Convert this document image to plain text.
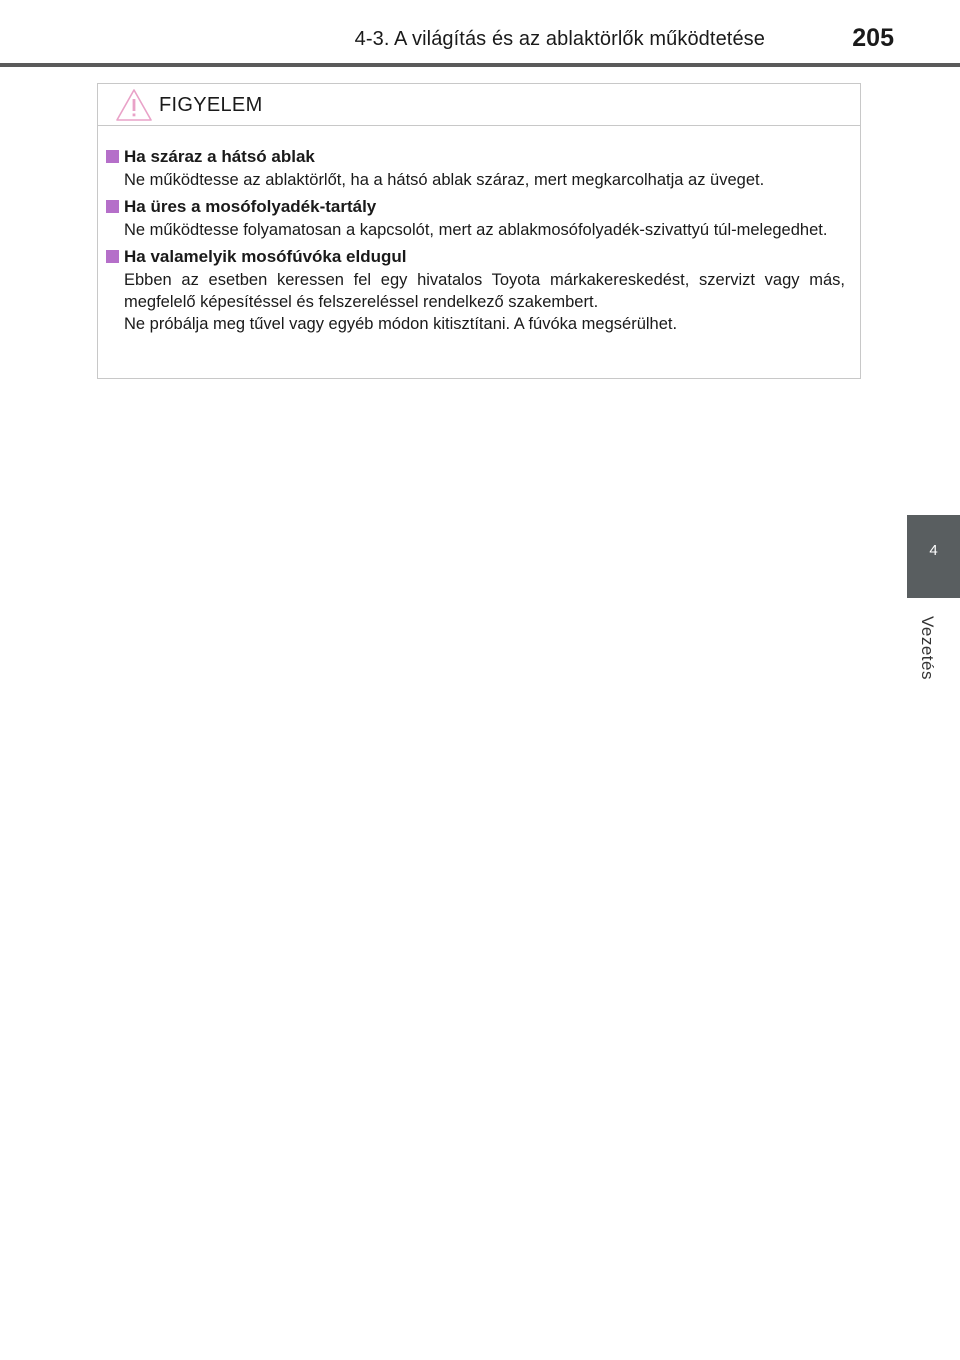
4-3. A világítás és az ablaktörlők működtetése	205
4
Vezetés
FIGYELEM
Ha száraz a hátsó ablak

Ne működtesse az ablaktörlőt, ha a hátsó ablak száraz, mert megkarcolhatja az üveget.

Ha üres a mosófolyadék-tartály

Ne működtesse folyamatosan a kapcsolót, mert az ablakmosófolyadék-szivattyú túl-melegedhet.

Ha valamelyik mosófúvóka eldugul

Ebben az esetben keressen fel egy hivatalos Toyota márkakereskedést, szervizt vagy más, megfelelő képesítéssel és felszereléssel rendelkező szakembert.

Ne próbálja meg tűvel vagy egyéb módon kitisztítani. A fúvóka megsérülhet.
